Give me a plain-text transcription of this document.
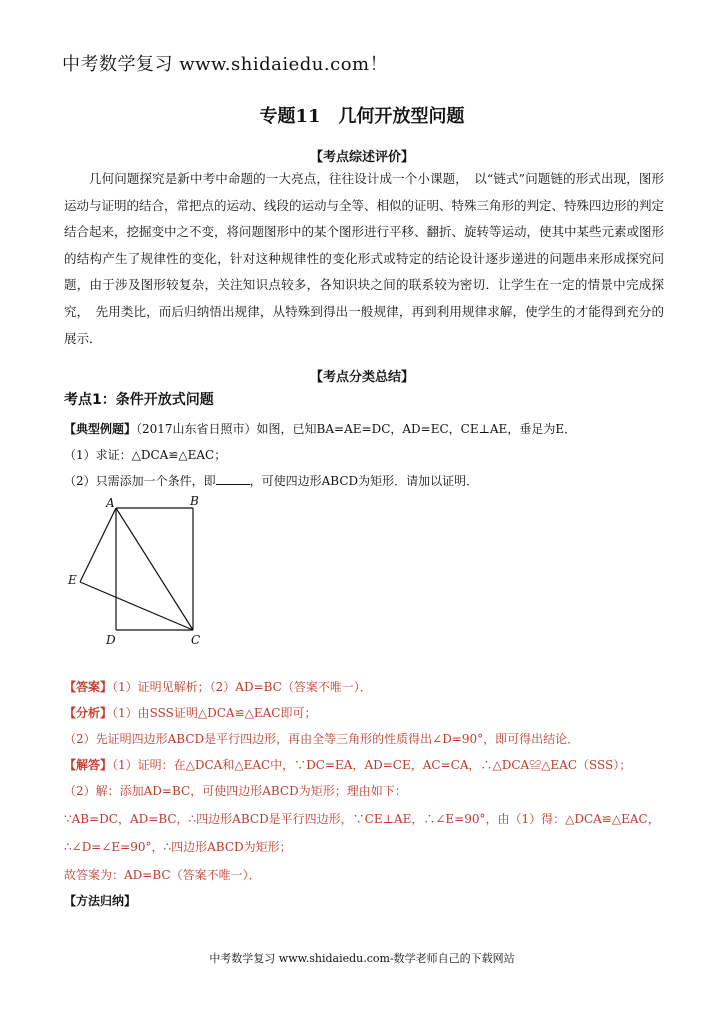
中考数学复习 www.shidaiedu.com！
专题11　几何开放型问题
【考点综述评价】
几何问题探究是新中考中命题的一大亮点，往往设计成一个小课题，　以“链式”问题链的形式出现，图形运动与证明的结合，常把点的运动、线段的运动与全等、相似的证明、特殊三角形的判定、特殊四边形的判定结合起来，挖掘变中之不变，将问题图形中的某个图形进行平移、翻折、旋转等运动，使其中某些元素或图形的结构产生了规律性的变化，针对这种规律性的变化形式或特定的结论设计逐步递进的问题串来形成探究问题，由于涉及图形较复杂，关注知识点较多，各知识块之间的联系较为密切．让学生在一定的情景中完成探究，　先用类比，而后归纳悟出规律，从特殊到得出一般规律，再到利用规律求解，使学生的才能得到充分的展示．
【考点分类总结】
考点1：条件开放式问题
【典型例题】（2017山东省日照市）如图，已知BA=AE=DC，AD=EC，CE⊥AE，垂足为E．
（1）求证：△DCA≌△EAC；
（2）只需添加一个条件，即	，可使四边形ABCD为矩形．请加以证明．
A	B
C
D
E
【答案】（1）证明见解析；（2）AD=BC（答案不唯一）．
【分析】（1）由SSS证明△DCA≌△EAC即可；
（2）先证明四边形ABCD是平行四边形，再由全等三角形的性质得出∠D=90°，即可得出结论．
【解答】（1）证明：在△DCA和△EAC中，∵DC=EA，AD=CE，AC=CA，∴△DCA≌△EAC（SSS）；
（2）解：添加AD=BC，可使四边形ABCD为矩形；理由如下：
∵AB=DC，AD=BC，∴四边形ABCD是平行四边形，∵CE⊥AE，∴∠E=90°，由（1）得：△DCA≌△EAC，
∴∠D=∠E=90°，∴四边形ABCD为矩形；
故答案为：AD=BC（答案不唯一）．
【方法归纳】
中考数学复习 www.shidaiedu.com-数学老师自己的下载网站
